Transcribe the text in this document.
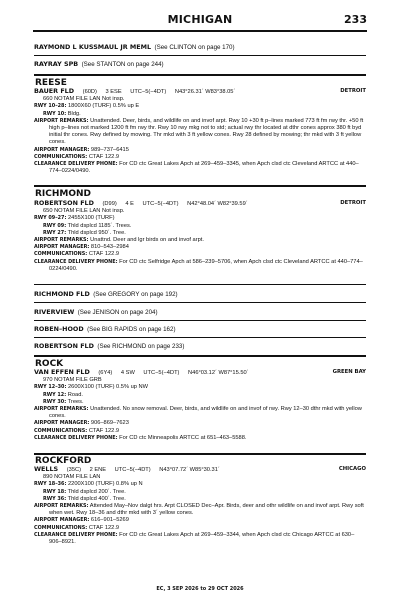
MICHIGAN	233
RAYMOND L KUSSMAUL JR MEML (See CLINTON on page 170)
RAYRAY SPB (See STANTON on page 244)
REESE
DETROIT
BAUER FLD (60D) 3 ESE UTC−5(−4DT) N43°26.31´ W83°38.05´
660 NOTAM FILE LAN Not insp.
RWY 10–28: 1800X60 (TURF) 0.5% up E
RWY 10: Bldg.
AIRPORT REMARKS: Unattended. Deer, birds, and wildlife on and invof arpt. Rwy 10 +30 ft p–lines marked 773 ft fm rwy thr. +50 ft high p–lines not marked 1200 ft fm rwy thr. Rwy 10 rwy mkg not to std; actual rwy thr located at dthr cones approx 380 ft byd initial thr cones. Rwy defined by mowing. Thr mkd with 3 ft yellow cones. Rwy 28 defined by mowing; thr mkd with 3 ft yellow cones.
AIRPORT MANAGER: 989–737–6415
COMMUNICATIONS: CTAF 122.9
CLEARANCE DELIVERY PHONE: For CD ctc Great Lakes Apch at 269–459–3345, when Apch clsd ctc Cleveland ARTCC at 440–774–0224/0490.
RICHMOND
DETROIT
ROBERTSON FLD (D99) 4 E UTC−5(−4DT) N42°48.04´ W82°39.59´
650 NOTAM FILE LAN Not insp.
RWY 09–27: 2455X100 (TURF)
RWY 09: Thld dsplcd 1185´. Trees.
RWY 27: Thld dsplcd 950´. Tree.
AIRPORT REMARKS: Unattnd. Deer and lgr birds on and invof arpt.
AIRPORT MANAGER: 810–543–2984
COMMUNICATIONS: CTAF 122.9
CLEARANCE DELIVERY PHONE: For CD ctc Selfridge Apch at 586–239–5706, when Apch clsd ctc Cleveland ARTCC at 440–774–0224/0490.
RICHMOND FLD (See GREGORY on page 192)
RIVERVIEW (See JENISON on page 204)
ROBEN–HOOD (See BIG RAPIDS on page 162)
ROBERTSON FLD (See RICHMOND on page 233)
ROCK
GREEN BAY
VAN EFFEN FLD (6Y4) 4 SW UTC−5(−4DT) N46°03.12´ W87°15.50´
970 NOTAM FILE GRB
RWY 12–30: 2600X100 (TURF) 0.5% up NW
RWY 12: Road.
RWY 30: Trees.
AIRPORT REMARKS: Unattended. No snow removal. Deer, birds, and wildlife on and invof of rwy. Rwy 12–30 dthr mkd with yellow cones.
AIRPORT MANAGER: 906–869–7623
COMMUNICATIONS: CTAF 122.9
CLEARANCE DELIVERY PHONE: For CD ctc Minneapolis ARTCC at 651–463–5588.
ROCKFORD
CHICAGO
WELLS (35C) 2 ENE UTC−5(−4DT) N43°07.72´ W85°30.31´
890 NOTAM FILE LAN
RWY 18–36: 2200X100 (TURF) 0.8% up N
RWY 18: Thld dsplcd 200´. Tree.
RWY 36: Thld dsplcd 400´. Tree.
AIRPORT REMARKS: Attended May–Nov dalgt hrs. Arpt CLOSED Dec–Apr. Birds, deer and othr wildlife on and invof arpt. Rwy soft when wet. Rwy 18–36 and dthr mkd with 3´ yellow cones.
AIRPORT MANAGER: 616–901–5269
COMMUNICATIONS: CTAF 122.9
CLEARANCE DELIVERY PHONE: For CD ctc Great Lakes Apch at 269–459–3344, when Apch clsd ctc Chicago ARTCC at 630–906–8921.
EC, 3 SEP 2026 to 29 OCT 2026
